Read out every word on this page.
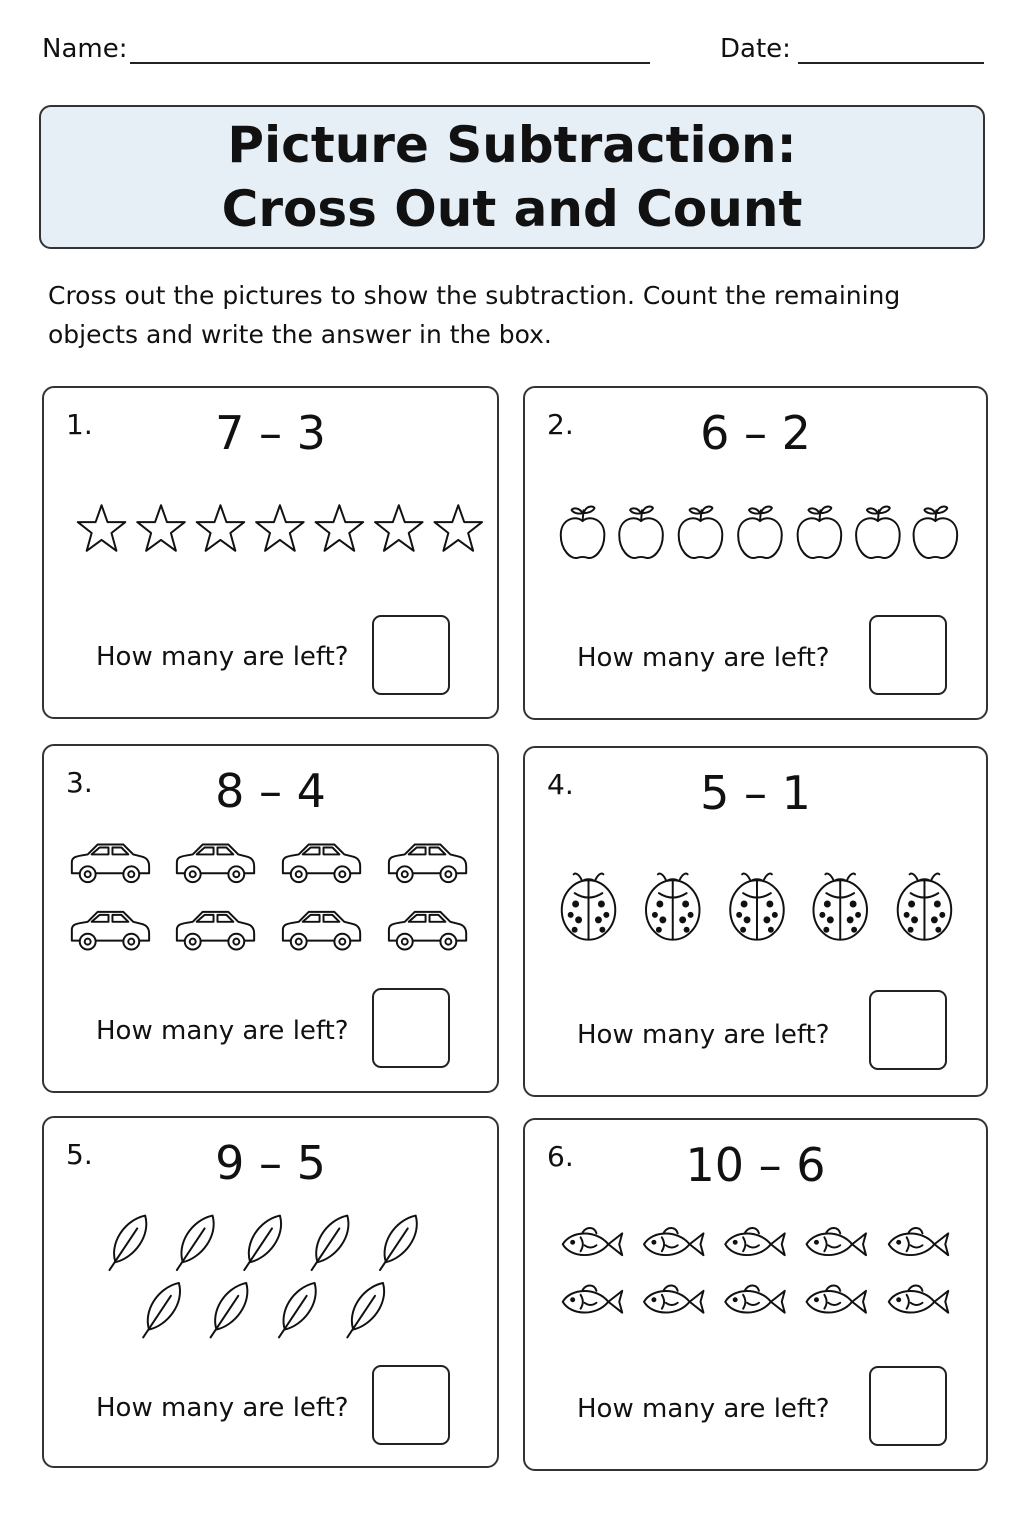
Name:	Date:
Picture Subtraction:
Cross Out and Count
Cross out the pictures to show the subtraction. Count the remaining
objects and write the answer in the box.
1.	7 – 3
How many are left?
2.	6 – 2
How many are left?
3.	8 – 4
How many are left?
4.	5 – 1
How many are left?
5.	9 – 5
How many are left?
6.	10 – 6
How many are left?
